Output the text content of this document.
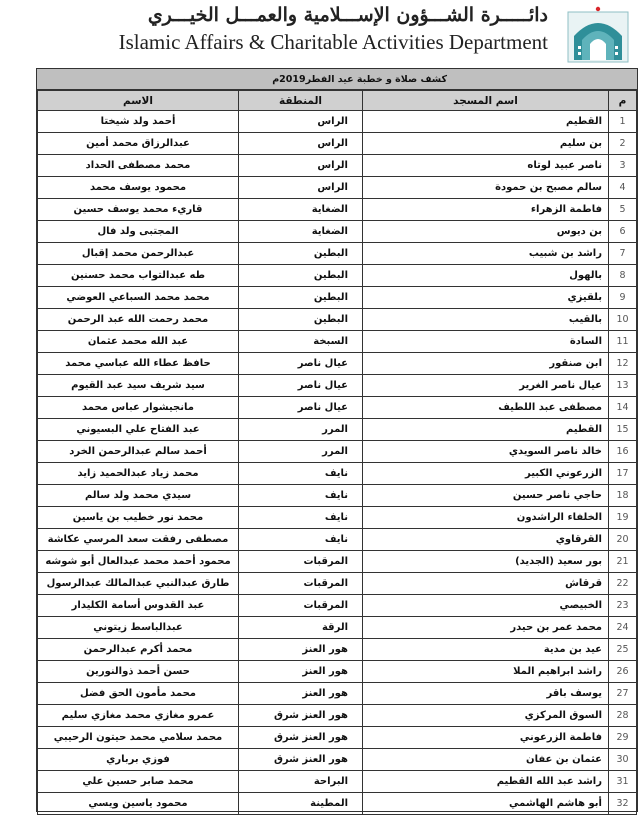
دائـــــرة الشـــؤون الإســـلامية والعمـــل الخيـــري
Islamic Affairs & Charitable Activities Department
كشف صلاة و خطبة عيد الفطر2019م
م	اسم المسجد	المنطقة	الاسم
1	القطيم	الراس	أحمد ولد شيختا
2	بن سليم	الراس	عبدالرزاق محمد أمين
3	ناصر عبيد لوتاه	الراس	محمد مصطفى الحداد
4	سالم مصبح بن حمودة	الراس	محمود يوسف محمد
5	فاطمة الزهراء	الضغاية	قاريء محمد يوسف حسين
6	بن ديوس	الضغاية	المجتبى ولد فال
7	راشد بن شبيب	البطين	عبدالرحمن محمد إقبال
8	بالهول	البطين	طه عبدالتواب محمد حسنين
9	بلقيزي	البطين	محمد محمد السباعي العوضي
10	بالقيب	البطين	محمد رحمت الله عبد الرحمن
11	السادة	السبخة	عبد الله محمد عثمان
12	ابن صنقور	عيال ناصر	حافظ عطاء الله عباسي محمد
13	عيال ناصر الغرير	عيال ناصر	سيد شريف سيد عبد القيوم
14	مصطفى عبد اللطيف	عيال ناصر	مانجيشوار عباس محمد
15	القطيم	المرر	عبد الفتاح علي البسيوني
16	خالد ناصر السويدي	المرر	أحمد سالم عبدالرحمن الخرد
17	الزرعوني الكبير	نايف	محمد زياد عبدالحميد زايد
18	حاجي ناصر حسين	نايف	سيدي محمد ولد سالم
19	الخلفاء الراشدون	نايف	محمد نور خطيب بن ياسين
20	القرقاوي	نايف	مصطفى رفقت سعد المرسي عكاشة
21	بور سعيد (الجديد)	المرقبات	محمود أحمد محمد عبدالعال أبو شوشه
22	قرقاش	المرقبات	طارق عبدالنبي عبدالمالك عبدالرسول
23	الخبيصي	المرقبات	عبد القدوس أسامة الكليدار
24	محمد عمر بن حيدر	الرقة	عبدالباسط زيتوني
25	عيد بن مدية	هور العنز	محمد أكرم عبدالرحمن
26	راشد ابراهيم الملا	هور العنز	حسن أحمد ذوالنورين
27	يوسف باقر	هور العنز	محمد مأمون الحق فضل
28	السوق المركزي	هور العنز شرق	عمرو مغازي محمد مغازي سليم
29	فاطمة الزرعوني	هور العنز شرق	محمد سلامي محمد حيتون الرحيبي
30	عثمان بن عفان	هور العنز شرق	فوزي برباري
31	راشد عبد الله القطيم	البراحة	محمد صابر حسين علي
32	أبو هاشم الهاشمي	المطينة	محمود ياسين ويسي
